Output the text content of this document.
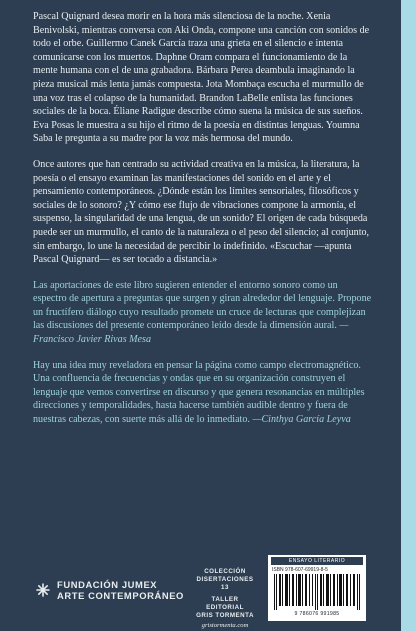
Pascal Quignard desea morir en la hora más silenciosa de la noche. Xenia Benivolski, mientras conversa con Aki Onda, compone una canción con sonidos de todo el orbe. Guillermo Canek García traza una grieta en el silencio e intenta comunicarse con los muertos. Daphne Oram compara el funcionamiento de la mente humana con el de una grabadora. Bárbara Perea deambula imaginando la pieza musical más lenta jamás compuesta. Jota Mombaça escucha el murmullo de una voz tras el colapso de la humanidad. Brandon LaBelle enlista las funciones sociales de la boca. Éliane Radigue describe cómo suena la música de sus sueños. Eva Posas le muestra a su hijo el ritmo de la poesía en distintas lenguas. Youmna Saba le pregunta a su madre por la voz más hermosa del mundo.

Once autores que han centrado su actividad creativa en la música, la literatura, la poesía o el ensayo examinan las manifestaciones del sonido en el arte y el pensamiento contemporáneos. ¿Dónde están los límites sensoriales, filosóficos y sociales de lo sonoro? ¿Y cómo ese flujo de vibraciones compone la armonía, el suspenso, la singularidad de una lengua, de un sonido? El origen de cada búsqueda puede ser un murmullo, el canto de la naturaleza o el peso del silencio; al conjunto, sin embargo, lo une la necesidad de percibir lo indefinido. «Escuchar —apunta Pascal Quignard— es ser tocado a distancia.»

Las aportaciones de este libro sugieren entender el entorno sonoro como un espectro de apertura a preguntas que surgen y giran alrededor del lenguaje. Propone un fructífero diálogo cuyo resultado promete un cruce de lecturas que complejizan las discusiones del presente contemporáneo leído desde la dimensión aural. —Francisco Javier Rivas Mesa

Hay una idea muy reveladora en pensar la página como campo electromagnético. Una confluencia de frecuencias y ondas que en su organización construyen el lenguaje que vemos convertirse en discurso y que genera resonancias en múltiples direcciones y temporalidades, hasta hacerse también audible dentro y fuera de nuestras cabezas, con suerte más allá de lo inmediato. —Cinthya García Leyva

FUNDACIÓN JUMEX
ARTE CONTEMPORÁNEO
COLECCIÓN
DISERTACIONES 13
TALLER EDITORIAL
GRIS TORMENTA
gristormenta.com
ENSAYO LITERARIO
ISBN 978-607-69919-8-5
9 786076 991985
